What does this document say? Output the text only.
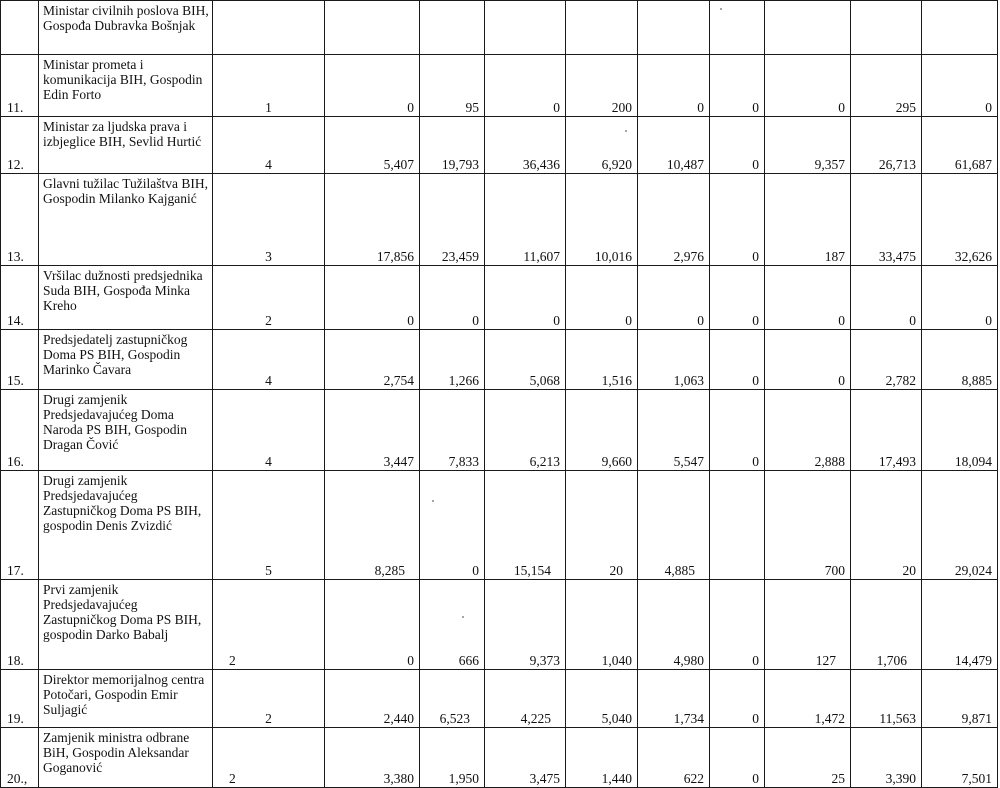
	Ministar civilnih poslova BIH, Gospođa Dubravka Bošnjak										
11.	Ministar prometa i komunikacija BIH, Gospodin Edin Forto	1	0	95	0	200	0	0	0	295	0
12.	Ministar za ljudska prava i izbjeglice BIH, Sevlid Hurtić	4	5,407	19,793	36,436	6,920	10,487	0	9,357	26,713	61,687
13.	Glavni tužilac Tužilaštva BIH, Gospodin Milanko Kajganić	3	17,856	23,459	11,607	10,016	2,976	0	187	33,475	32,626
14.	Vršilac dužnosti predsjednika Suda BIH, Gospođa Minka Kreho	2	0	0	0	0	0	0	0	0	0
15.	Predsjedatelj zastupničkog Doma PS BIH, Gospodin Marinko Čavara	4	2,754	1,266	5,068	1,516	1,063	0	0	2,782	8,885
16.	Drugi zamjenik Predsjedavajućeg Doma Naroda PS BIH, Gospodin Dragan Čović	4	3,447	7,833	6,213	9,660	5,547	0	2,888	17,493	18,094
17.	Drugi zamjenik Predsjedavajućeg Zastupničkog Doma PS BIH, gospodin Denis Zvizdić	5	8,285	0	15,154	20	4,885		700	20	29,024
18.	Prvi zamjenik Predsjedavajućeg Zastupničkog Doma PS BIH, gospodin Darko Babalj	2	0	666	9,373	1,040	4,980	0	127	1,706	14,479
19.	Direktor memorijalnog centra Potočari, Gospodin Emir Suljagić	2	2,440	6,523	4,225	5,040	1,734	0	1,472	11,563	9,871
20.,	Zamjenik ministra odbrane BiH, Gospodin Aleksandar Goganović	2	3,380	1,950	3,475	1,440	622	0	25	3,390	7,501
